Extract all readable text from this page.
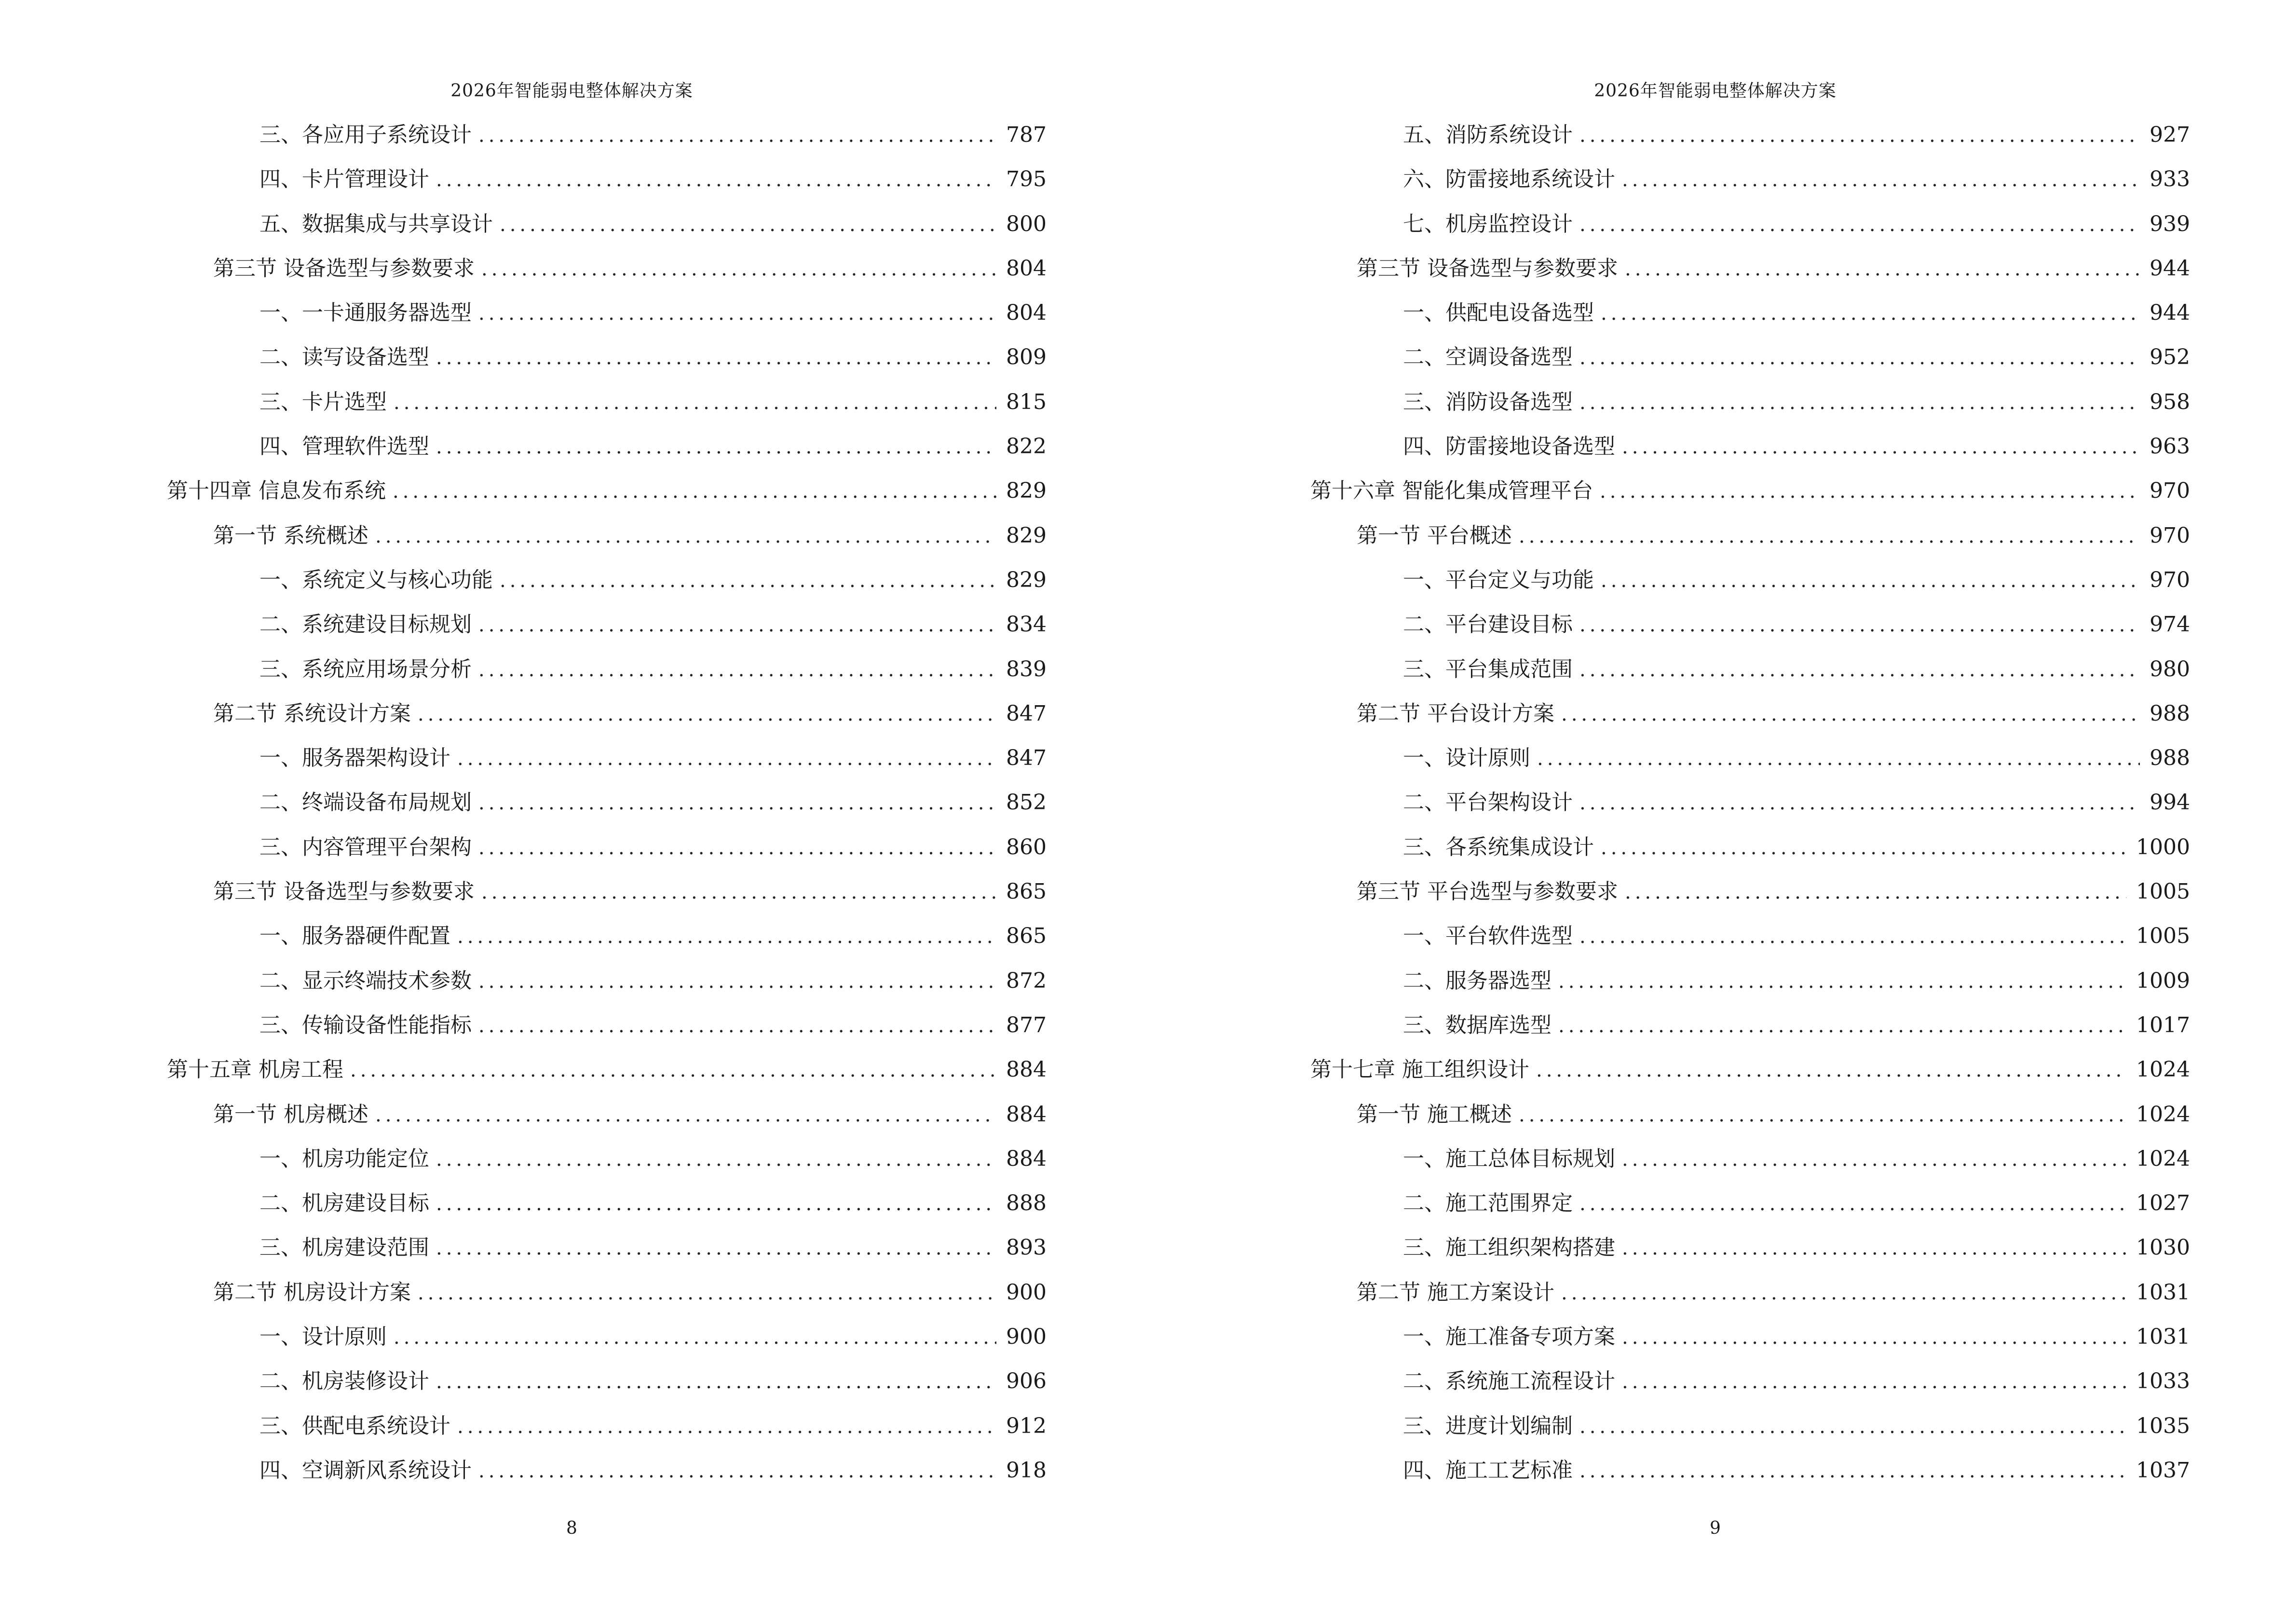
2026年智能弱电整体解决方案
三、各应用子系统设计 .....	787
四、卡片管理设计 .....	795
五、数据集成与共享设计 .....	800
第三节 设备选型与参数要求 .....	804
一、一卡通服务器选型 .....	804
二、读写设备选型 .....	809
三、卡片选型 .....	815
四、管理软件选型 .....	822
第十四章 信息发布系统 .....	829
第一节 系统概述 .....	829
一、系统定义与核心功能 .....	829
二、系统建设目标规划 .....	834
三、系统应用场景分析 .....	839
第二节 系统设计方案 .....	847
一、服务器架构设计 .....	847
二、终端设备布局规划 .....	852
三、内容管理平台架构 .....	860
第三节 设备选型与参数要求 .....	865
一、服务器硬件配置 .....	865
二、显示终端技术参数 .....	872
三、传输设备性能指标 .....	877
第十五章 机房工程 .....	884
第一节 机房概述 .....	884
一、机房功能定位 .....	884
二、机房建设目标 .....	888
三、机房建设范围 .....	893
第二节 机房设计方案 .....	900
一、设计原则 .....	900
二、机房装修设计 .....	906
三、供配电系统设计 .....	912
四、空调新风系统设计 .....	918
8
2026年智能弱电整体解决方案
五、消防系统设计 .....	927
六、防雷接地系统设计 .....	933
七、机房监控设计 .....	939
第三节 设备选型与参数要求 .....	944
一、供配电设备选型 .....	944
二、空调设备选型 .....	952
三、消防设备选型 .....	958
四、防雷接地设备选型 .....	963
第十六章 智能化集成管理平台 .....	970
第一节 平台概述 .....	970
一、平台定义与功能 .....	970
二、平台建设目标 .....	974
三、平台集成范围 .....	980
第二节 平台设计方案 .....	988
一、设计原则 .....	988
二、平台架构设计 .....	994
三、各系统集成设计 .....	1000
第三节 平台选型与参数要求 .....	1005
一、平台软件选型 .....	1005
二、服务器选型 .....	1009
三、数据库选型 .....	1017
第十七章 施工组织设计 .....	1024
第一节 施工概述 .....	1024
一、施工总体目标规划 .....	1024
二、施工范围界定 .....	1027
三、施工组织架构搭建 .....	1030
第二节 施工方案设计 .....	1031
一、施工准备专项方案 .....	1031
二、系统施工流程设计 .....	1033
三、进度计划编制 .....	1035
四、施工工艺标准 .....	1037
9
